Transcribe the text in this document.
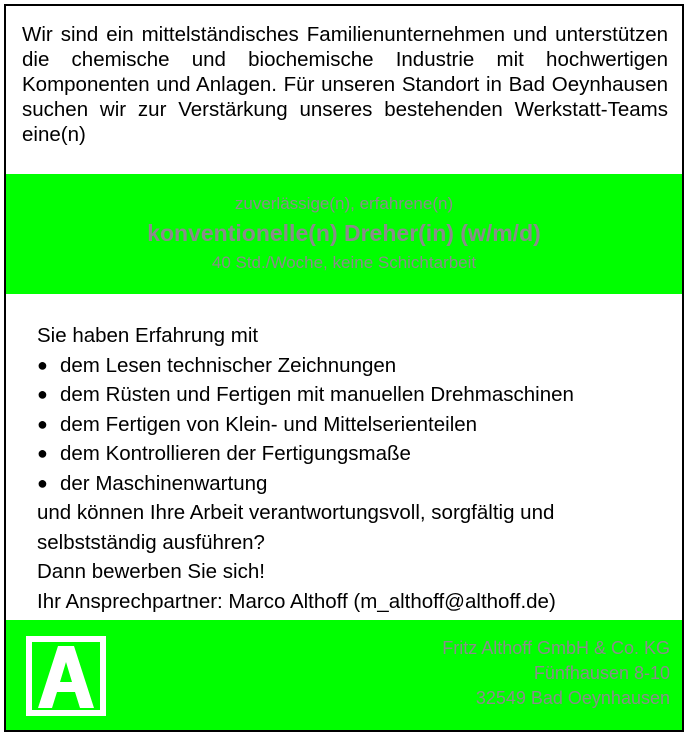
Wir sind ein mittelständisches Familienunternehmen und unterstützen die chemische und biochemische Industrie mit hochwertigen Komponenten und Anlagen. Für unseren Standort in Bad Oeynhausen suchen wir zur Verstärkung unseres bestehenden Werkstatt-Teams eine(n)
zuverlässige(n), erfahrene(n)
konventionelle(n) Dreher(in) (w/m/d)
40 Std./Woche, keine Schichtarbeit

Sie haben Erfahrung mit

● dem Lesen technischer Zeichnungen
● dem Rüsten und Fertigen mit manuellen Drehmaschinen
● dem Fertigen von Klein- und Mittelserienteilen
● dem Kontrollieren der Fertigungsmaße
● der Maschinenwartung

und können Ihre Arbeit verantwortungsvoll, sorgfältig und selbstständig ausführen?

Dann bewerben Sie sich!

Ihr Ansprechpartner: Marco Althoff (m_althoff@althoff.de)

Fritz Althoff GmbH & Co. KG
Fünfhausen 8-10
32549 Bad Oeynhausen
